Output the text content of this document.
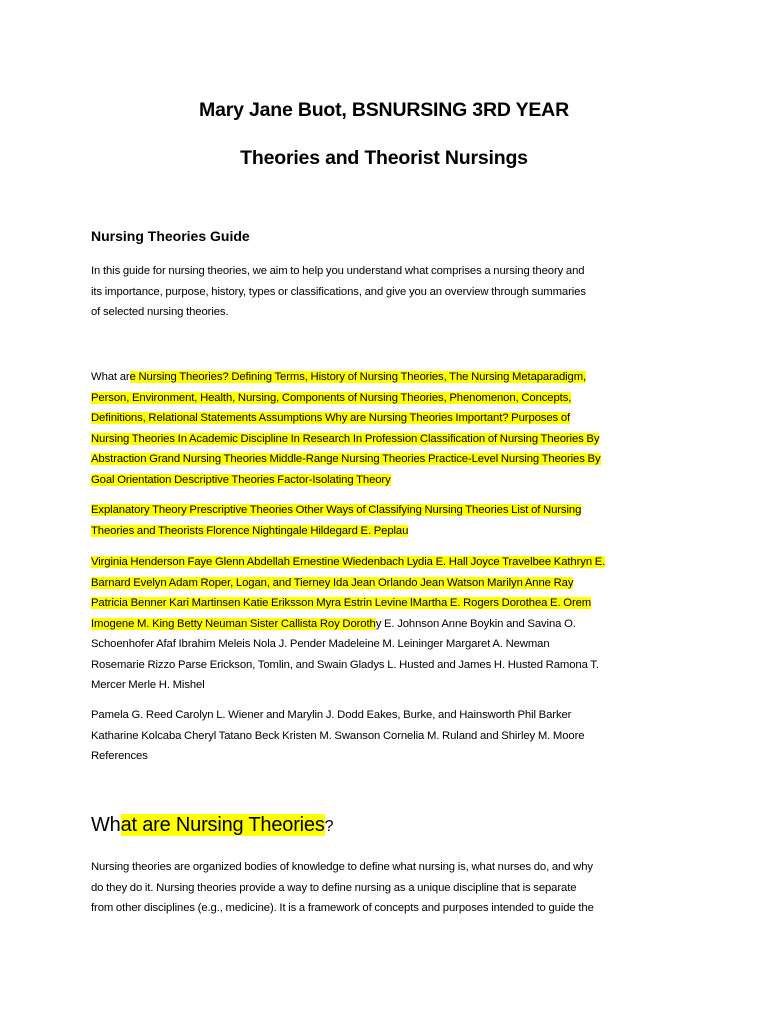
Mary Jane Buot, BSNURSING 3RD YEAR
Theories and Theorist Nursings
Nursing Theories Guide

In this guide for nursing theories, we aim to help you understand what comprises a nursing theory and
its importance, purpose, history, types or classifications, and give you an overview through summaries
of selected nursing theories.

What are Nursing Theories? Defining Terms, History of Nursing Theories, The Nursing Metaparadigm,
Person, Environment, Health, Nursing, Components of Nursing Theories, Phenomenon, Concepts,
Definitions, Relational Statements Assumptions Why are Nursing Theories Important? Purposes of
Nursing Theories In Academic Discipline In Research In Profession Classification of Nursing Theories By
Abstraction Grand Nursing Theories Middle-Range Nursing Theories Practice-Level Nursing Theories By
Goal Orientation Descriptive Theories Factor-Isolating Theory

Explanatory Theory Prescriptive Theories Other Ways of Classifying Nursing Theories List of Nursing
Theories and Theorists Florence Nightingale Hildegard E. Peplau

Virginia Henderson Faye Glenn Abdellah Ernestine Wiedenbach Lydia E. Hall Joyce Travelbee Kathryn E.
Barnard Evelyn Adam Roper, Logan, and Tierney Ida Jean Orlando Jean Watson Marilyn Anne Ray
Patricia Benner Kari Martinsen Katie Eriksson Myra Estrin Levine lMartha E. Rogers Dorothea E. Orem
Imogene M. King Betty Neuman Sister Callista Roy Dorothy E. Johnson Anne Boykin and Savina O.
Schoenhofer Afaf Ibrahim Meleis Nola J. Pender Madeleine M. Leininger Margaret A. Newman
Rosemarie Rizzo Parse Erickson, Tomlin, and Swain Gladys L. Husted and James H. Husted Ramona T.
Mercer Merle H. Mishel

Pamela G. Reed Carolyn L. Wiener and Marylin J. Dodd Eakes, Burke, and Hainsworth Phil Barker
Katharine Kolcaba Cheryl Tatano Beck Kristen M. Swanson Cornelia M. Ruland and Shirley M. Moore
References

What are Nursing Theories?

Nursing theories are organized bodies of knowledge to define what nursing is, what nurses do, and why
do they do it. Nursing theories provide a way to define nursing as a unique discipline that is separate
from other disciplines (e.g., medicine). It is a framework of concepts and purposes intended to guide the
